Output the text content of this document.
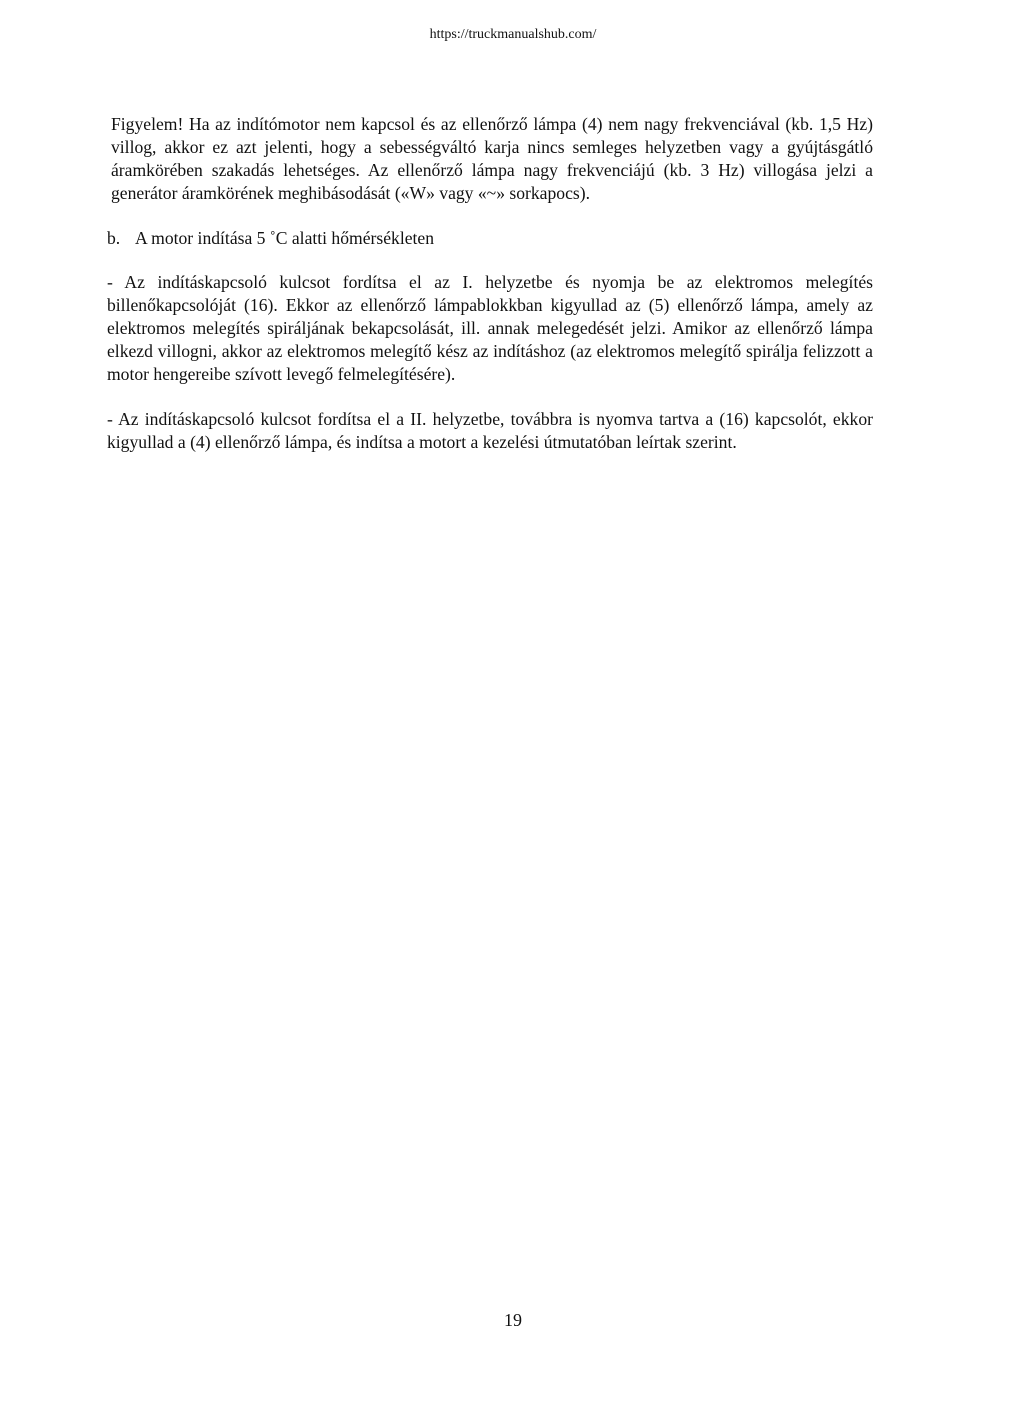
https://truckmanualshub.com/

Figyelem! Ha az indítómotor nem kapcsol és az ellenőrző lámpa (4) nem nagy frekvenciával (kb. 1,5 Hz) villog, akkor ez azt jelenti, hogy a sebességváltó karja nincs semleges helyzetben vagy a gyújtásgátló áramkörében szakadás lehetséges. Az ellenőrző lámpa nagy frekvenciájú (kb. 3 Hz) villogása jelzi a generátor áramkörének meghibásodását («W» vagy «~» sorkapocs).

b. A motor indítása 5 ˚C alatti hőmérsékleten

- Az indításkapcsoló kulcsot fordítsa el az I. helyzetbe és nyomja be az elektromos melegítés billenőkapcsolóját (16). Ekkor az ellenőrző lámpablokkban kigyullad az (5) ellenőrző lámpa, amely az elektromos melegítés spiráljának bekapcsolását, ill. annak melegedését jelzi. Amikor az ellenőrző lámpa elkezd villogni, akkor az elektromos melegítő kész az indításhoz (az elektromos melegítő spirálja felizzott a motor hengereibe szívott levegő felmelegítésére).

- Az indításkapcsoló kulcsot fordítsa el a II. helyzetbe, továbbra is nyomva tartva a (16) kapcsolót, ekkor kigyullad a (4) ellenőrző lámpa, és indítsa a motort a kezelési útmutatóban leírtak szerint.

19
